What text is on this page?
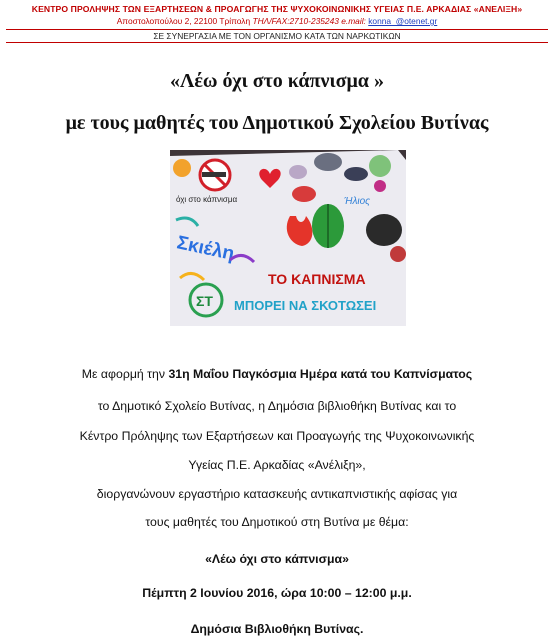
ΚΕΝΤΡΟ ΠΡΟΛΗΨΗΣ ΤΩΝ ΕΞΑΡΤΗΣΕΩΝ & ΠΡΟΑΓΩΓΗΣ ΤΗΣ ΨΥΧΟΚΟΙΝΩΝΙΚΗΣ ΥΓΕΙΑΣ Π.Ε. ΑΡΚΑΔΙΑΣ «ΑΝΕΛΙΞΗ»
Αποστολοπούλου 2, 22100 Τρίπολη ΤΗΛ/FAX:2710-235243 e.mail: konna_@otenet.gr
ΣΕ ΣΥΝΕΡΓΑΣΙΑ ΜΕ ΤΟΝ ΟΡΓΑΝΙΣΜΟ ΚΑΤΑ ΤΩΝ ΝΑΡΚΩΤΙΚΩΝ
«Λέω όχι στο κάπνισμα »
με τους μαθητές του Δημοτικού Σχολείου Βυτίνας
όχι στο κάπνισμα	Ήλιος
Σκιέλη
ΤΟ ΚΑΠΝΙΣΜΑ
ΜΠΟΡΕΙ ΝΑ ΣΚΟΤΩΣΕΙ
ΣΤ
Με αφορμή την 31η Μαΐου Παγκόσμια Ημέρα κατά του Καπνίσματος
το Δημοτικό Σχολείο Βυτίνας, η Δημόσια βιβλιοθήκη Βυτίνας και το
Κέντρο Πρόληψης των Εξαρτήσεων και Προαγωγής της Ψυχοκοινωνικής
Υγείας Π.Ε. Αρκαδίας «Ανέλιξη»,
διοργανώνουν εργαστήριο κατασκευής αντικαπνιστικής αφίσας για
τους μαθητές του Δημοτικού στη Βυτίνα με θέμα:
«Λέω όχι στο κάπνισμα»
Πέμπτη 2 Ιουνίου 2016, ώρα 10:00 – 12:00 μ.μ.
Δημόσια Βιβλιοθήκη Βυτίνας.
